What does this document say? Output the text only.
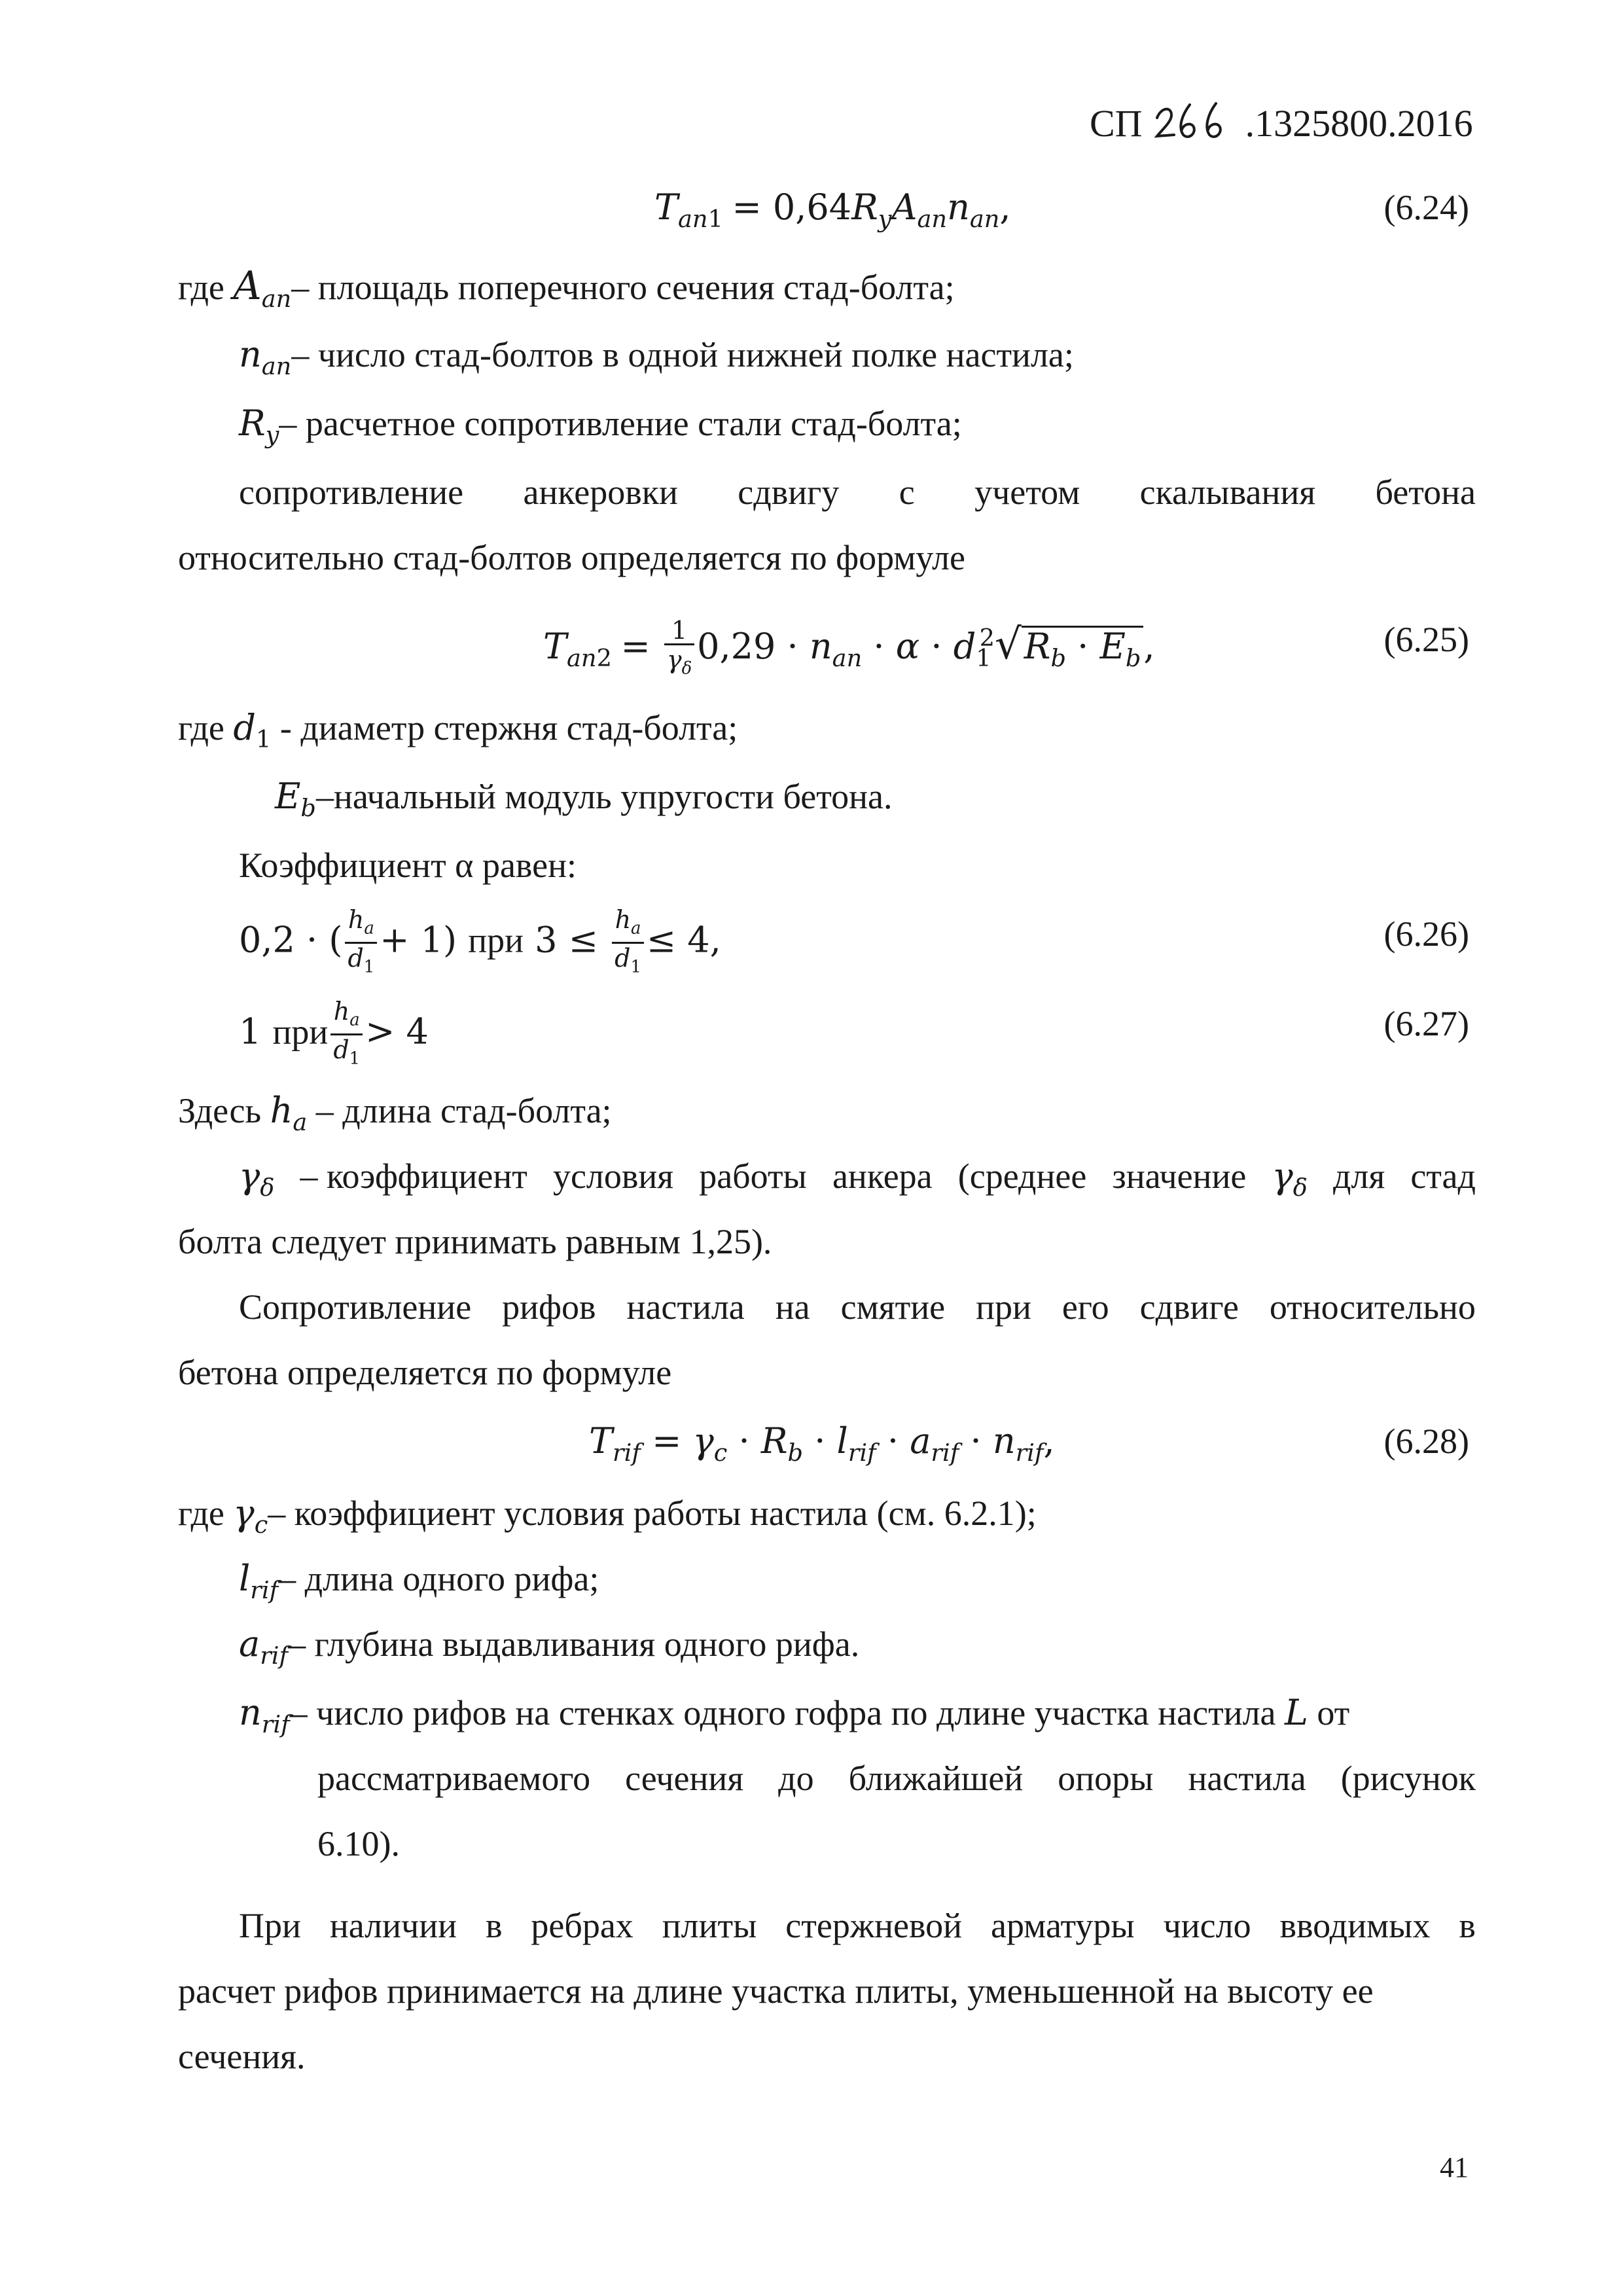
СП	.1325800.2016
$T_{an1} = 0,64R_yA_{an}n_{an}$,	(6.24)
где $A_{an}-$ площадь поперечного сечения стад-болта;
$n_{an}-$ число стад-болтов в одной нижней полке настила;
$R_y-$ расчетное сопротивление стали стад-болта;
сопротивление анкеровки сдвигу с учетом скалывания бетона
относительно стад-болтов определяется по формуле
$T_{an2} = \frac{1}{\gamma_\delta} 0,29 \cdot n_{an} \cdot \alpha \cdot d_1^2√R_b \cdot E_b$,	(6.25)
где $d_1$ - диаметр стержня стад-болта;
$E_b$–начальный модуль упругости бетона.
Коэффициент α равен:
0,2 · ( $\frac{h_a}{d_1} + 1$) при $3 \le \frac{h_a}{d_1} \le 4$,	(6.26)
1 при $\frac{h_a}{d_1} > 4$	(6.27)
Здесь $h_a$ – длина стад-болта;
$\gamma_\delta$ – коэффициент условия работы анкера (среднее значение $\gamma_\delta$ для стад
болта следует принимать равным 1,25).
Сопротивление рифов настила на смятие при его сдвиге относительно
бетона определяется по формуле
$T_{rif} = \gamma_c \cdot R_b \cdot l_{rif} \cdot a_{rif} \cdot n_{rif}$,	(6.28)
где $\gamma_c-$ коэффициент условия работы настила (см. 6.2.1);
$l_{rif}-$ длина одного рифа;
$a_{rif}-$ глубина выдавливания одного рифа.
$n_{rif}-$ число рифов на стенках одного гофра по длине участка настила L от
рассматриваемого сечения до ближайшей опоры настила (рисунок
6.10).
При наличии в ребрах плиты стержневой арматуры число вводимых в
расчет рифов принимается на длине участка плиты, уменьшенной на высоту ее
сечения.
41
